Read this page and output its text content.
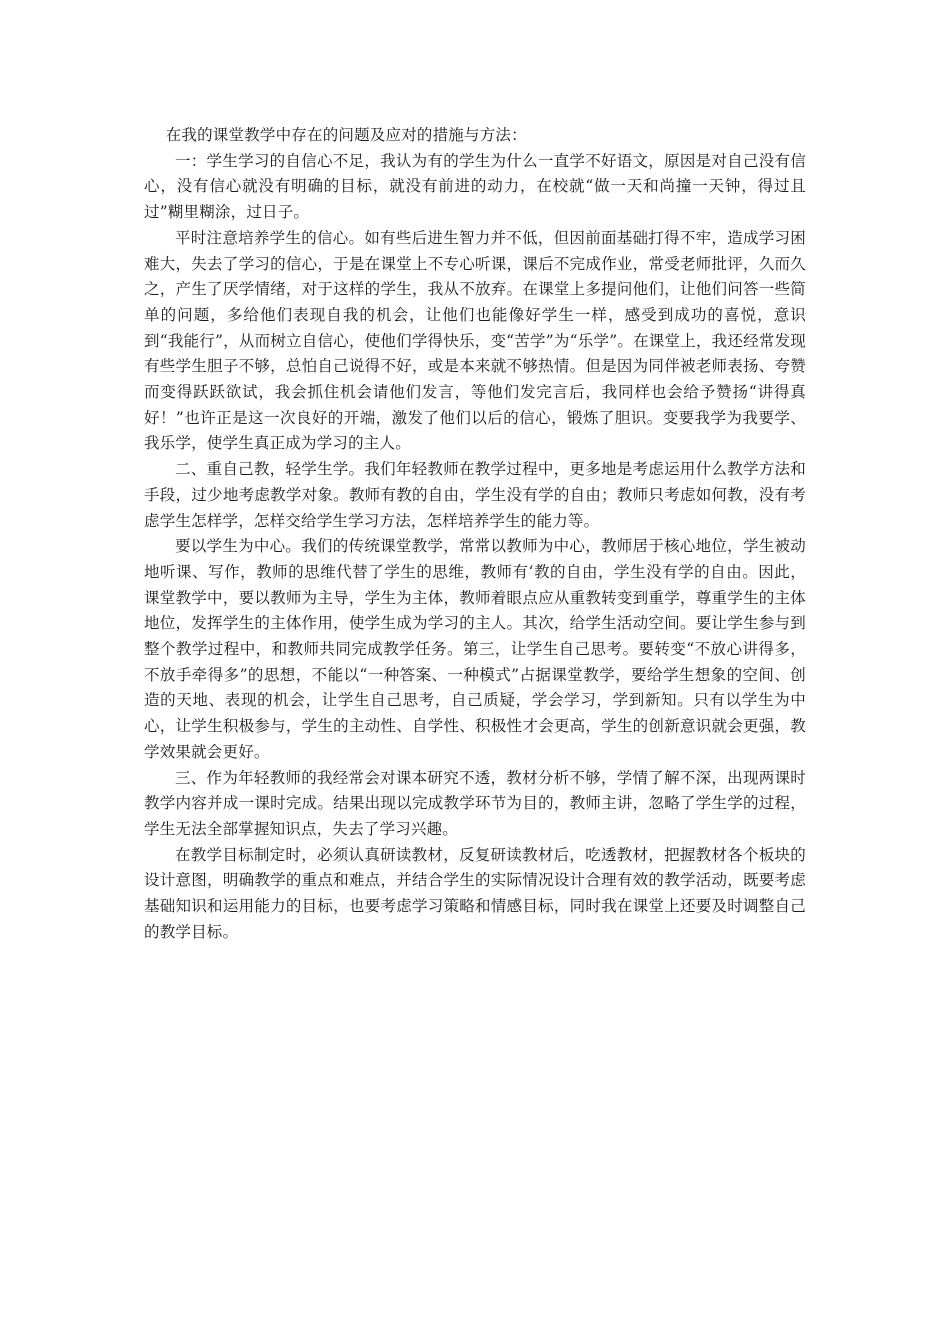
在我的课堂教学中存在的问题及应对的措施与方法：

一：学生学习的自信心不足，我认为有的学生为什么一直学不好语文，原因是对自己没有信心，没有信心就没有明确的目标，就没有前进的动力，在校就“做一天和尚撞一天钟，得过且过”糊里糊涂，过日子。

平时注意培养学生的信心。如有些后进生智力并不低，但因前面基础打得不牢，造成学习困难大，失去了学习的信心，于是在课堂上不专心听课，课后不完成作业，常受老师批评，久而久之，产生了厌学情绪，对于这样的学生，我从不放弃。在课堂上多提问他们，让他们问答一些简单的问题，多给他们表现自我的机会，让他们也能像好学生一样，感受到成功的喜悦，意识到“我能行”，从而树立自信心，使他们学得快乐，变“苦学”为“乐学”。在课堂上，我还经常发现有些学生胆子不够，总怕自己说得不好，或是本来就不够热情。但是因为同伴被老师表扬、夸赞而变得跃跃欲试，我会抓住机会请他们发言，等他们发完言后，我同样也会给予赞扬“讲得真好！”也许正是这一次良好的开端，激发了他们以后的信心，锻炼了胆识。变要我学为我要学、我乐学，使学生真正成为学习的主人。

二、重自己教，轻学生学。我们年轻教师在教学过程中，更多地是考虑运用什么教学方法和手段，过少地考虑教学对象。教师有教的自由，学生没有学的自由；教师只考虑如何教，没有考虑学生怎样学，怎样交给学生学习方法，怎样培养学生的能力等。

要以学生为中心。我们的传统课堂教学，常常以教师为中心，教师居于核心地位，学生被动地听课、写作，教师的思维代替了学生的思维，教师有‘教的自由，学生没有学的自由。因此，课堂教学中，要以教师为主导，学生为主体，教师着眼点应从重教转变到重学，尊重学生的主体地位，发挥学生的主体作用，使学生成为学习的主人。其次，给学生活动空间。要让学生参与到整个教学过程中，和教师共同完成教学任务。第三，让学生自己思考。要转变“不放心讲得多，不放手牵得多”的思想，不能以“一种答案、一种模式”占据课堂教学，要给学生想象的空间、创造的天地、表现的机会，让学生自己思考，自己质疑，学会学习，学到新知。只有以学生为中心，让学生积极参与，学生的主动性、自学性、积极性才会更高，学生的创新意识就会更强，教学效果就会更好。

三、作为年轻教师的我经常会对课本研究不透，教材分析不够，学情了解不深，出现两课时教学内容并成一课时完成。结果出现以完成教学环节为目的，教师主讲，忽略了学生学的过程，学生无法全部掌握知识点，失去了学习兴趣。

在教学目标制定时，必须认真研读教材，反复研读教材后，吃透教材，把握教材各个板块的设计意图，明确教学的重点和难点，并结合学生的实际情况设计合理有效的教学活动，既要考虑基础知识和运用能力的目标，也要考虑学习策略和情感目标，同时我在课堂上还要及时调整自己的教学目标。
